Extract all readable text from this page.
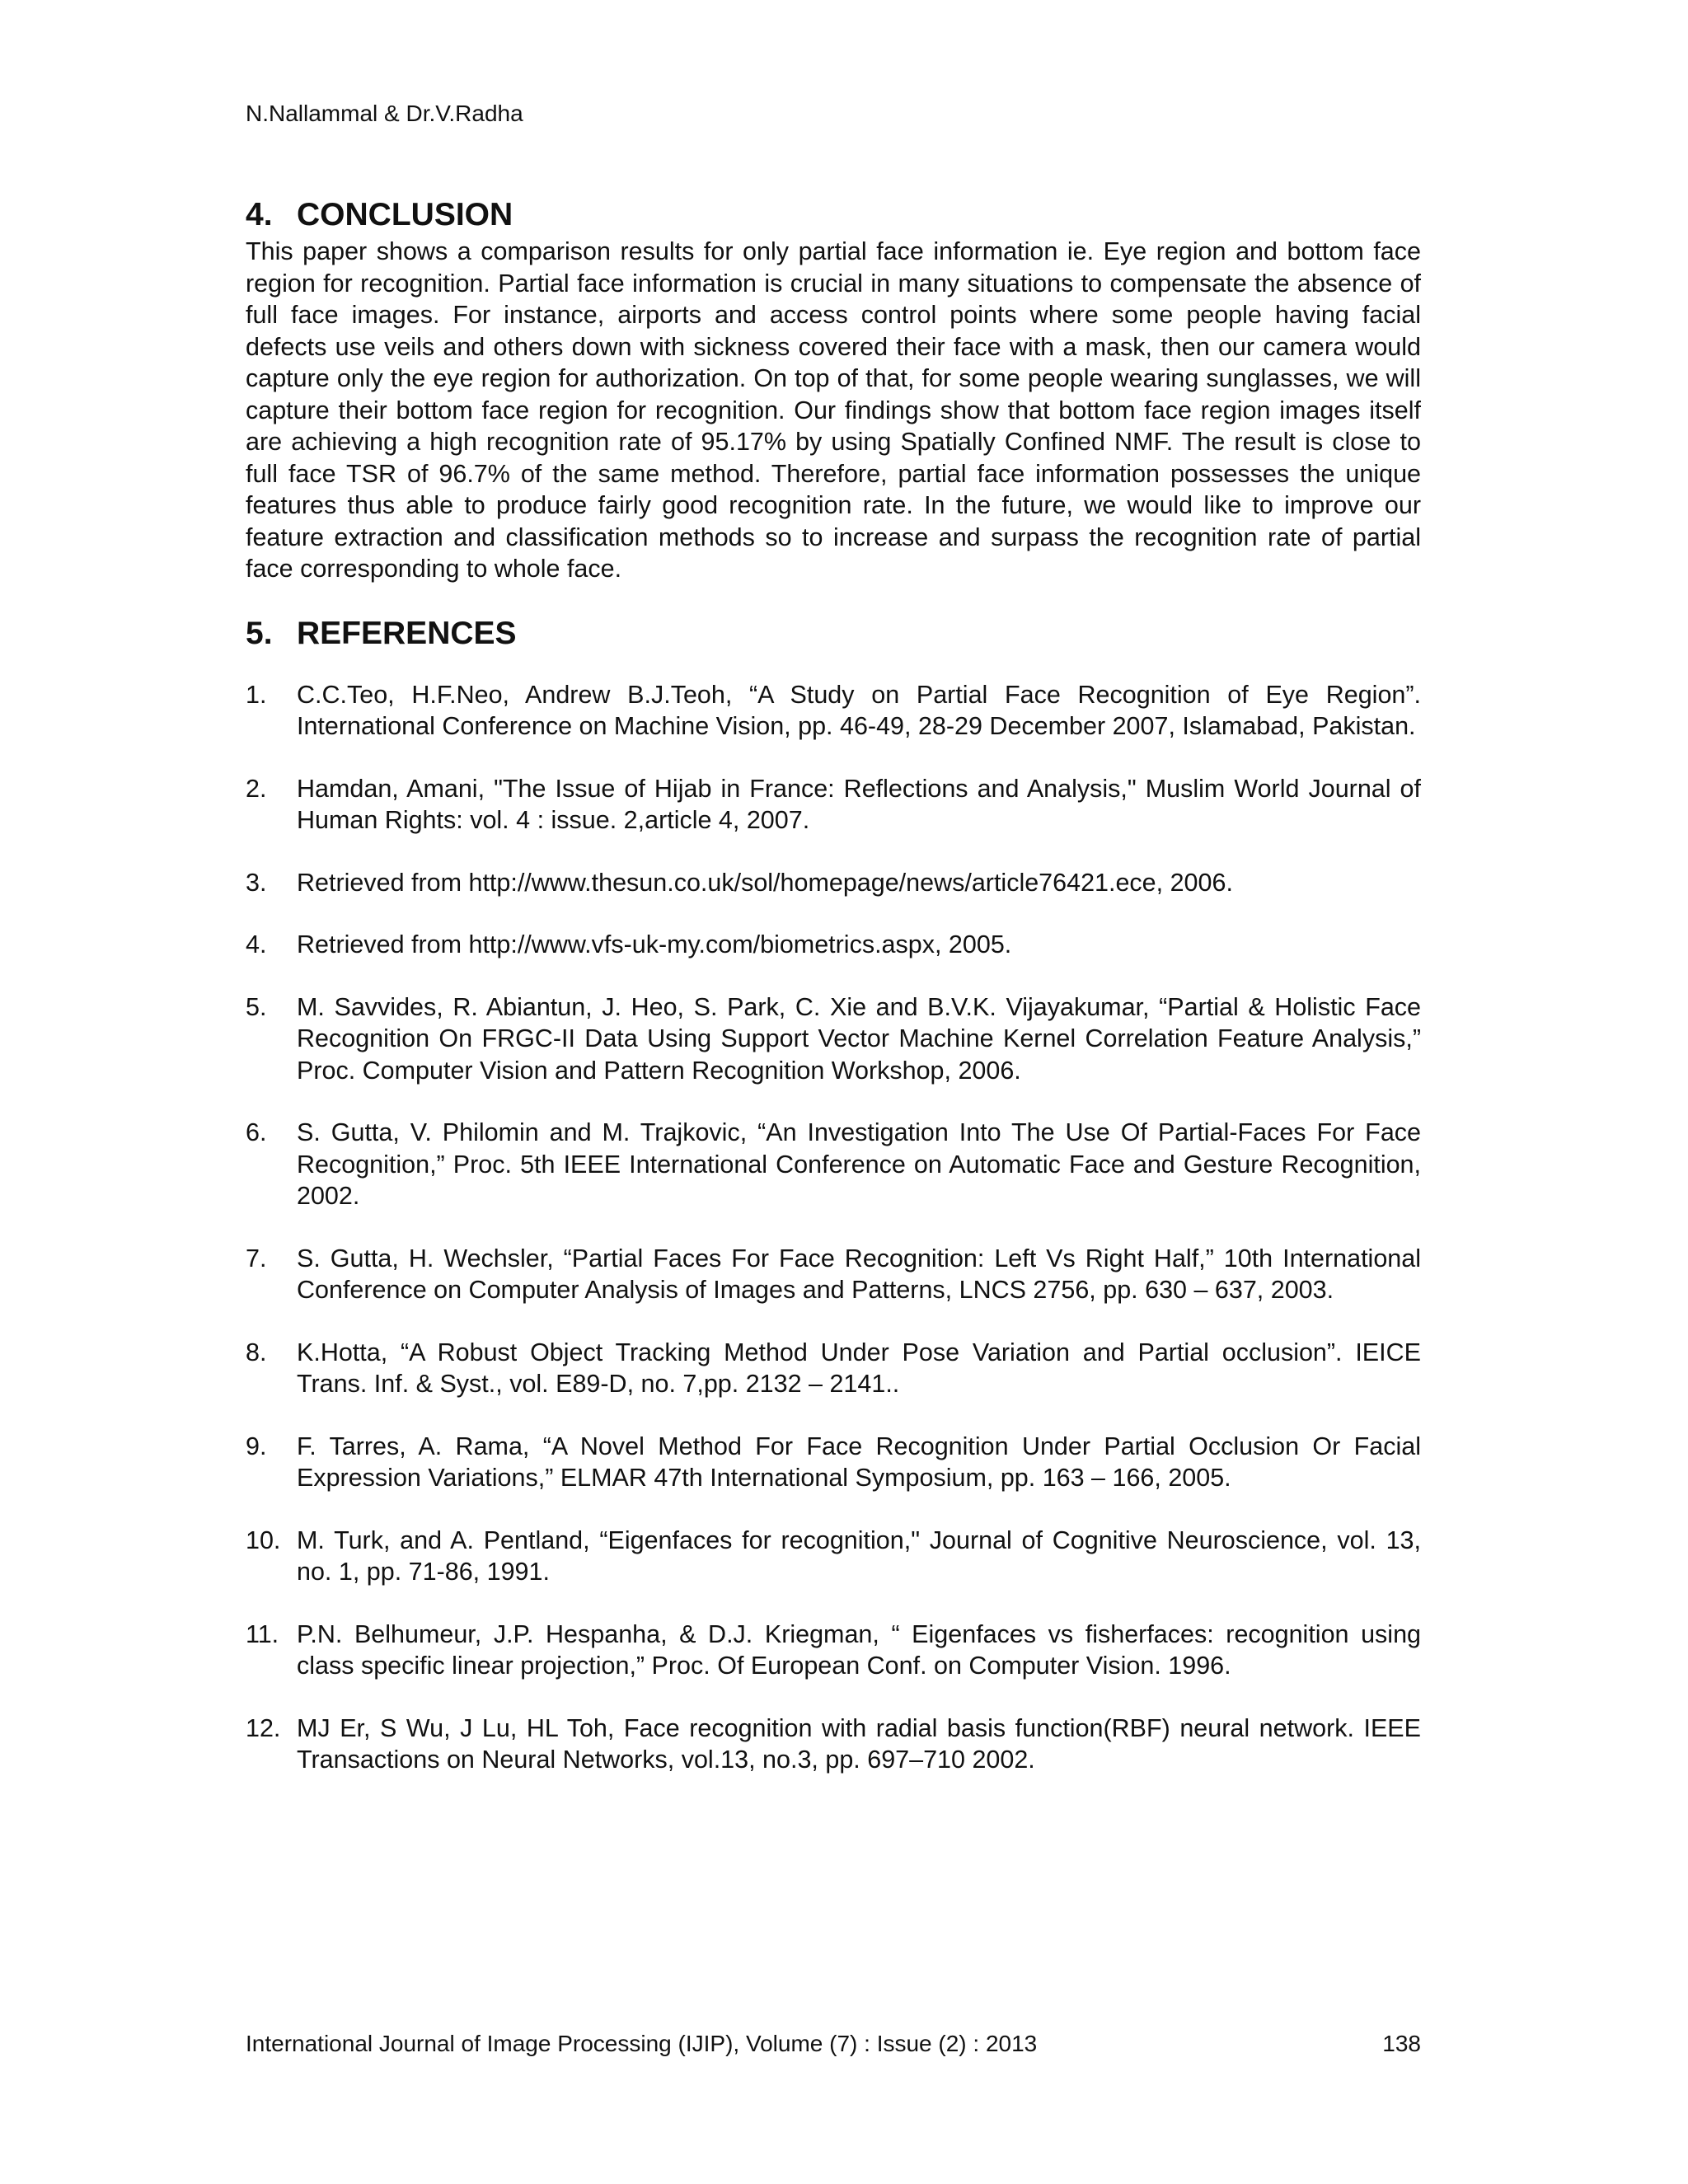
N.Nallammal & Dr.V.Radha
4. CONCLUSION

This paper shows a comparison results for only partial face information ie. Eye region and bottom face region for recognition. Partial face information is crucial in many situations to compensate the absence of full face images. For instance, airports and access control points where some people having facial defects use veils and others down with sickness covered their face with a mask, then our camera would capture only the eye region for authorization. On top of that, for some people wearing sunglasses, we will capture their bottom face region for recognition. Our findings show that bottom face region images itself are achieving a high recognition rate of 95.17% by using Spatially Confined NMF. The result is close to full face TSR of 96.7% of the same method. Therefore, partial face information possesses the unique features thus able to produce fairly good recognition rate. In the future, we would like to improve our feature extraction and classification methods so to increase and surpass the recognition rate of partial face corresponding to whole face.

5. REFERENCES
1.	C.C.Teo, H.F.Neo, Andrew B.J.Teoh, “A Study on Partial Face Recognition of Eye Region”. International Conference on Machine Vision, pp. 46-49, 28-29 December 2007, Islamabad, Pakistan.
2.	Hamdan, Amani, "The Issue of Hijab in France: Reflections and Analysis," Muslim World Journal of Human Rights: vol. 4 : issue. 2,article 4, 2007.
3.	Retrieved from http://www.thesun.co.uk/sol/homepage/news/article76421.ece, 2006.
4.	Retrieved from http://www.vfs-uk-my.com/biometrics.aspx, 2005.
5.	M. Savvides, R. Abiantun, J. Heo, S. Park, C. Xie and B.V.K. Vijayakumar, “Partial & Holistic Face Recognition On FRGC-II Data Using Support Vector Machine Kernel Correlation Feature Analysis,” Proc. Computer Vision and Pattern Recognition Workshop, 2006.
6.	S. Gutta, V. Philomin and M. Trajkovic, “An Investigation Into The Use Of Partial-Faces For Face Recognition,” Proc. 5th IEEE International Conference on Automatic Face and Gesture Recognition, 2002.
7.	S. Gutta, H. Wechsler, “Partial Faces For Face Recognition: Left Vs Right Half,” 10th International Conference on Computer Analysis of Images and Patterns, LNCS 2756, pp. 630 – 637, 2003.
8.	K.Hotta, “A Robust Object Tracking Method Under Pose Variation and Partial occlusion”. IEICE Trans. Inf. & Syst., vol. E89-D, no. 7,pp. 2132 – 2141..
9.	F. Tarres, A. Rama, “A Novel Method For Face Recognition Under Partial Occlusion Or Facial Expression Variations,” ELMAR 47th International Symposium, pp. 163 – 166, 2005.
10. M. Turk, and A. Pentland, “Eigenfaces for recognition," Journal of Cognitive Neuroscience, vol. 13, no. 1, pp. 71-86, 1991.
11. P.N. Belhumeur, J.P. Hespanha, & D.J. Kriegman, “ Eigenfaces vs fisherfaces: recognition using class specific linear projection,” Proc. Of European Conf. on Computer Vision. 1996.
12. MJ Er, S Wu, J Lu, HL Toh, Face recognition with radial basis function(RBF) neural network. IEEE Transactions on Neural Networks, vol.13, no.3, pp. 697–710 2002.
International Journal of Image Processing (IJIP), Volume (7) : Issue (2) : 2013	138
